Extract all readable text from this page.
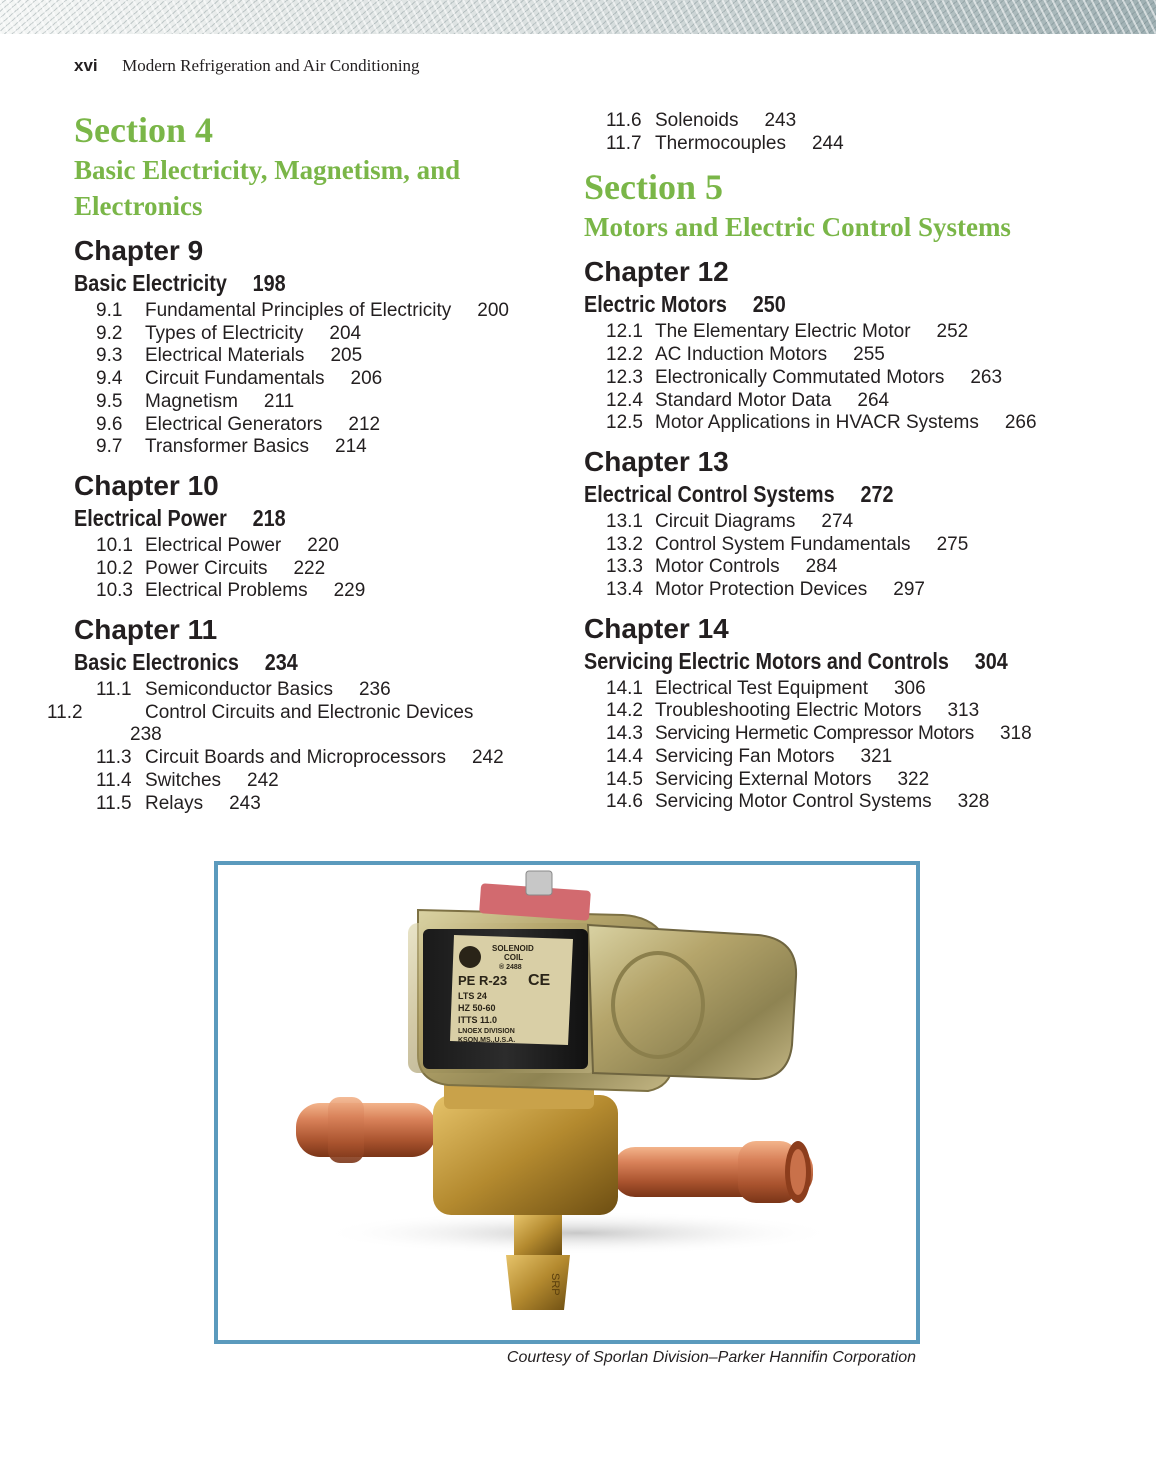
xvi Modern Refrigeration and Air Conditioning
Section 4
Basic Electricity, Magnetism, and
Electronics
Chapter 9
Basic Electricity 198
9.1 Fundamental Principles of Electricity 200
9.2 Types of Electricity 204
9.3 Electrical Materials 205
9.4 Circuit Fundamentals 206
9.5 Magnetism 211
9.6 Electrical Generators 212
9.7 Transformer Basics 214
Chapter 10
Electrical Power 218
10.1 Electrical Power 220
10.2 Power Circuits 222
10.3 Electrical Problems 229
Chapter 11
Basic Electronics 234
11.1 Semiconductor Basics 236
11.2	Control Circuits and Electronic Devices
238
11.3 Circuit Boards and Microprocessors 242
11.4 Switches 242
11.5 Relays 243
11.6 Solenoids 243
11.7 Thermocouples 244
Section 5
Motors and Electric Control Systems
Chapter 12
Electric Motors 250
12.1 The Elementary Electric Motor 252
12.2 AC Induction Motors 255
12.3 Electronically Commutated Motors 263
12.4 Standard Motor Data 264
12.5 Motor Applications in HVACR Systems 266
Chapter 13
Electrical Control Systems 272
13.1 Circuit Diagrams 274
13.2 Control System Fundamentals 275
13.3 Motor Controls 284
13.4 Motor Protection Devices 297
Chapter 14
Servicing Electric Motors and Controls 304
14.1 Electrical Test Equipment 306
14.2 Troubleshooting Electric Motors 313
14.3 Servicing Hermetic Compressor Motors 318
14.4 Servicing Fan Motors 321
14.5 Servicing External Motors 322
14.6 Servicing Motor Control Systems 328
SRP
SOLENOID
COIL
® 2488
PE R-23
LTS 24
HZ 50-60
ITTS 11.0
LNOEX DIVISION
KSON,MS.,U.S.A.
CE
Courtesy of Sporlan Division–Parker Hannifin Corporation
